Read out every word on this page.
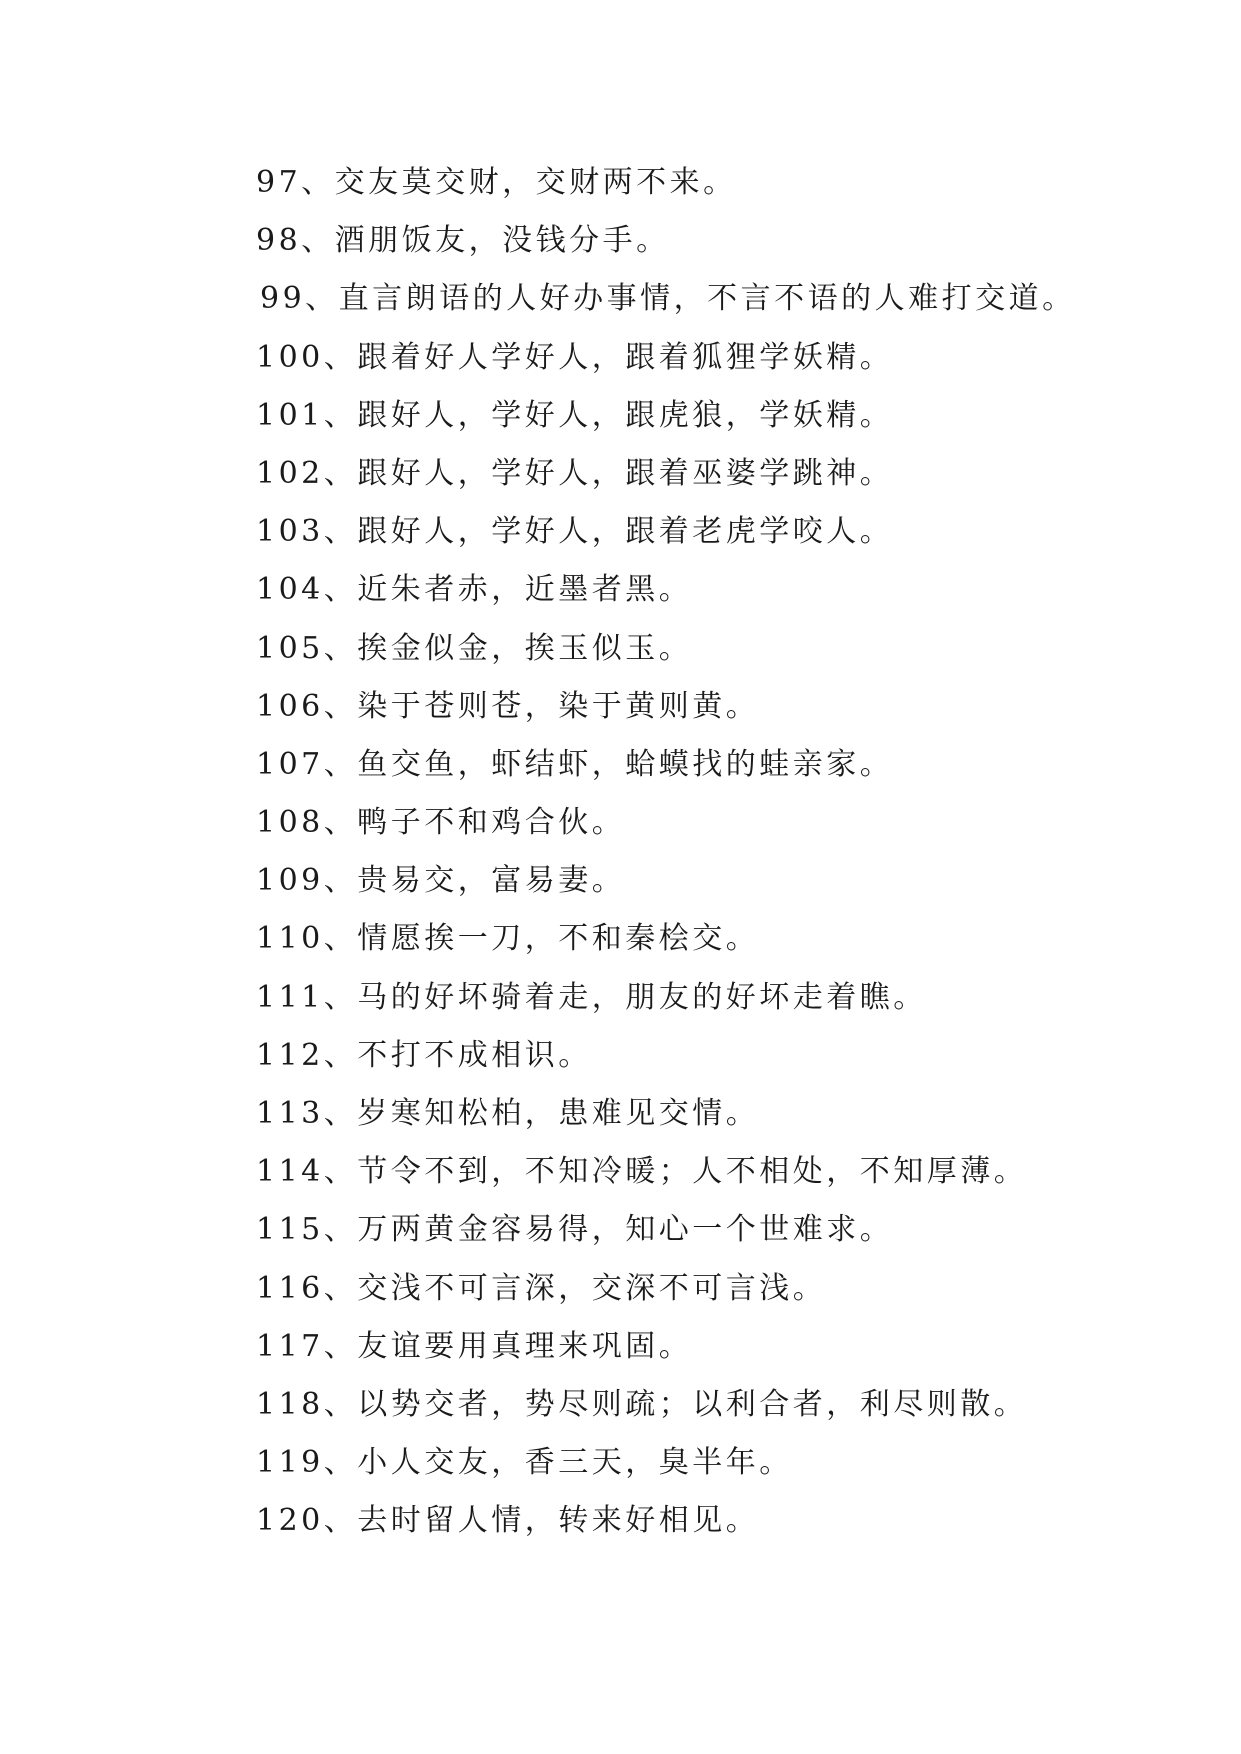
97、交友莫交财，交财两不来。
98、酒朋饭友，没钱分手。
99、直言朗语的人好办事情，不言不语的人难打交道。
100、跟着好人学好人，跟着狐狸学妖精。
101、跟好人，学好人，跟虎狼，学妖精。
102、跟好人，学好人，跟着巫婆学跳神。
103、跟好人，学好人，跟着老虎学咬人。
104、近朱者赤，近墨者黑。
105、挨金似金，挨玉似玉。
106、染于苍则苍，染于黄则黄。
107、鱼交鱼，虾结虾，蛤蟆找的蛙亲家。
108、鸭子不和鸡合伙。
109、贵易交，富易妻。
110、情愿挨一刀，不和秦桧交。
111、马的好坏骑着走，朋友的好坏走着瞧。
112、不打不成相识。
113、岁寒知松柏，患难见交情。
114、节令不到，不知冷暖；人不相处，不知厚薄。
115、万两黄金容易得，知心一个世难求。
116、交浅不可言深，交深不可言浅。
117、友谊要用真理来巩固。
118、以势交者，势尽则疏；以利合者，利尽则散。
119、小人交友，香三天，臭半年。
120、去时留人情，转来好相见。
